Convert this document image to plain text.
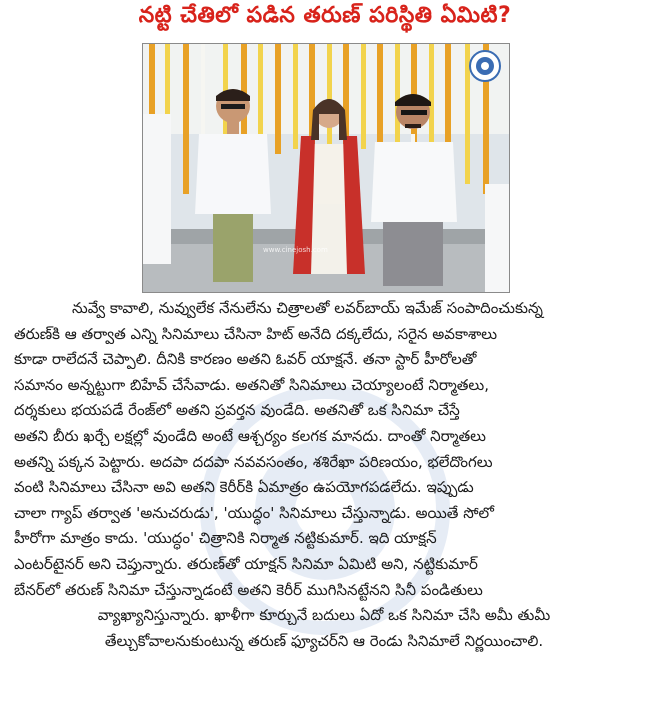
నట్టి చేతిలో పడిన తరుణ్ పరిస్థితి ఏమిటి?
www.cinejosh.com
నువ్వే కావాలి, నువ్వులేక నేనులేను చిత్రాలతో లవర్‌బాయ్ ఇమేజ్ సంపాదించుకున్న
తరుణ్‌కి ఆ తర్వాత ఎన్ని సినిమాలు చేసినా హిట్ అనేది దక్కలేదు, సరైన అవకాశాలు
కూడా రాలేదనే చెప్పాలి. దీనికి కారణం అతని ఓవర్ యాక్షనే. తనా స్టార్ హీరోలతో
సమానం అన్నట్టుగా బిహేవ్ చేసేవాడు. అతనితో సినిమాలు చెయ్యాలంటే నిర్మాతలు,
దర్శకులు భయపడే రేంజ్‌లో అతని ప్రవర్తన వుండేది. అతనితో ఒక సినిమా చేస్తే
అతని బీరు ఖర్చే లక్షల్లో వుండేది అంటే ఆశ్చర్యం కలగక మానదు. దాంతో నిర్మాతలు
అతన్ని పక్కన పెట్టారు. అదపా దదపా నవవసంతం, శశిరేఖా పరిణయం, భలేదొంగలు
వంటి సినిమాలు చేసినా అవి అతని కెరీర్‌కి ఏమాత్రం ఉపయోగపడలేదు. ఇప్పుడు
చాలా గ్యాప్ తర్వాత 'అనుచరుడు', 'యుద్ధం' సినిమాలు చేస్తున్నాడు. అయితే సోలో
హీరోగా మాత్రం కాదు. 'యుద్ధం' చిత్రానికి నిర్మాత నట్టికుమార్. ఇది యాక్షన్
ఎంటర్‌టైనర్ అని చెప్తున్నారు. తరుణ్‌తో యాక్షన్ సినిమా ఏమిటి అని, నట్టికుమార్
బేనర్‌లో తరుణ్ సినిమా చేస్తున్నాడంటే అతని కెరీర్ ముగిసినట్టేనని సినీ పండితులు
వ్యాఖ్యానిస్తున్నారు. ఖాళీగా కూర్చునే బదులు ఏదో ఒక సినిమా చేసి అమీ తుమీ
తేల్చుకోవాలనుకుంటున్న తరుణ్ ఫ్యూచర్‌ని ఆ రెండు సినిమాలే నిర్ణయించాలి.
